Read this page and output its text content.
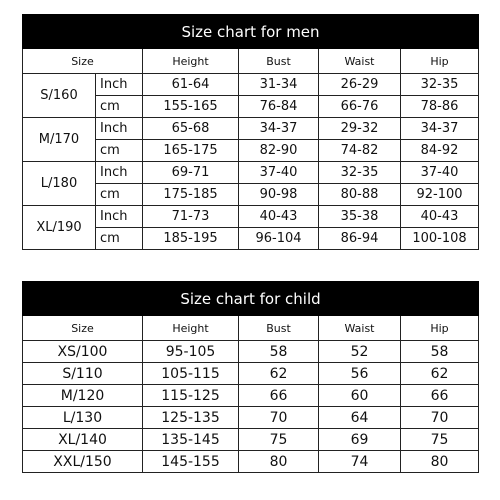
Size chart for men					
Size		Height	Bust	Waist	Hip
S/160	Inch	61-64	31-34	26-29	32-35
	cm	155-165	76-84	66-76	78-86
M/170	Inch	65-68	34-37	29-32	34-37
	cm	165-175	82-90	74-82	84-92
L/180	Inch	69-71	37-40	32-35	37-40
	cm	175-185	90-98	80-88	92-100
XL/190	Inch	71-73	40-43	35-38	40-43
	cm	185-195	96-104	86-94	100-108
Size chart for child				
Size	Height	Bust	Waist	Hip
XS/100	95-105	58	52	58
S/110	105-115	62	56	62
M/120	115-125	66	60	66
L/130	125-135	70	64	70
XL/140	135-145	75	69	75
XXL/150	145-155	80	74	80
